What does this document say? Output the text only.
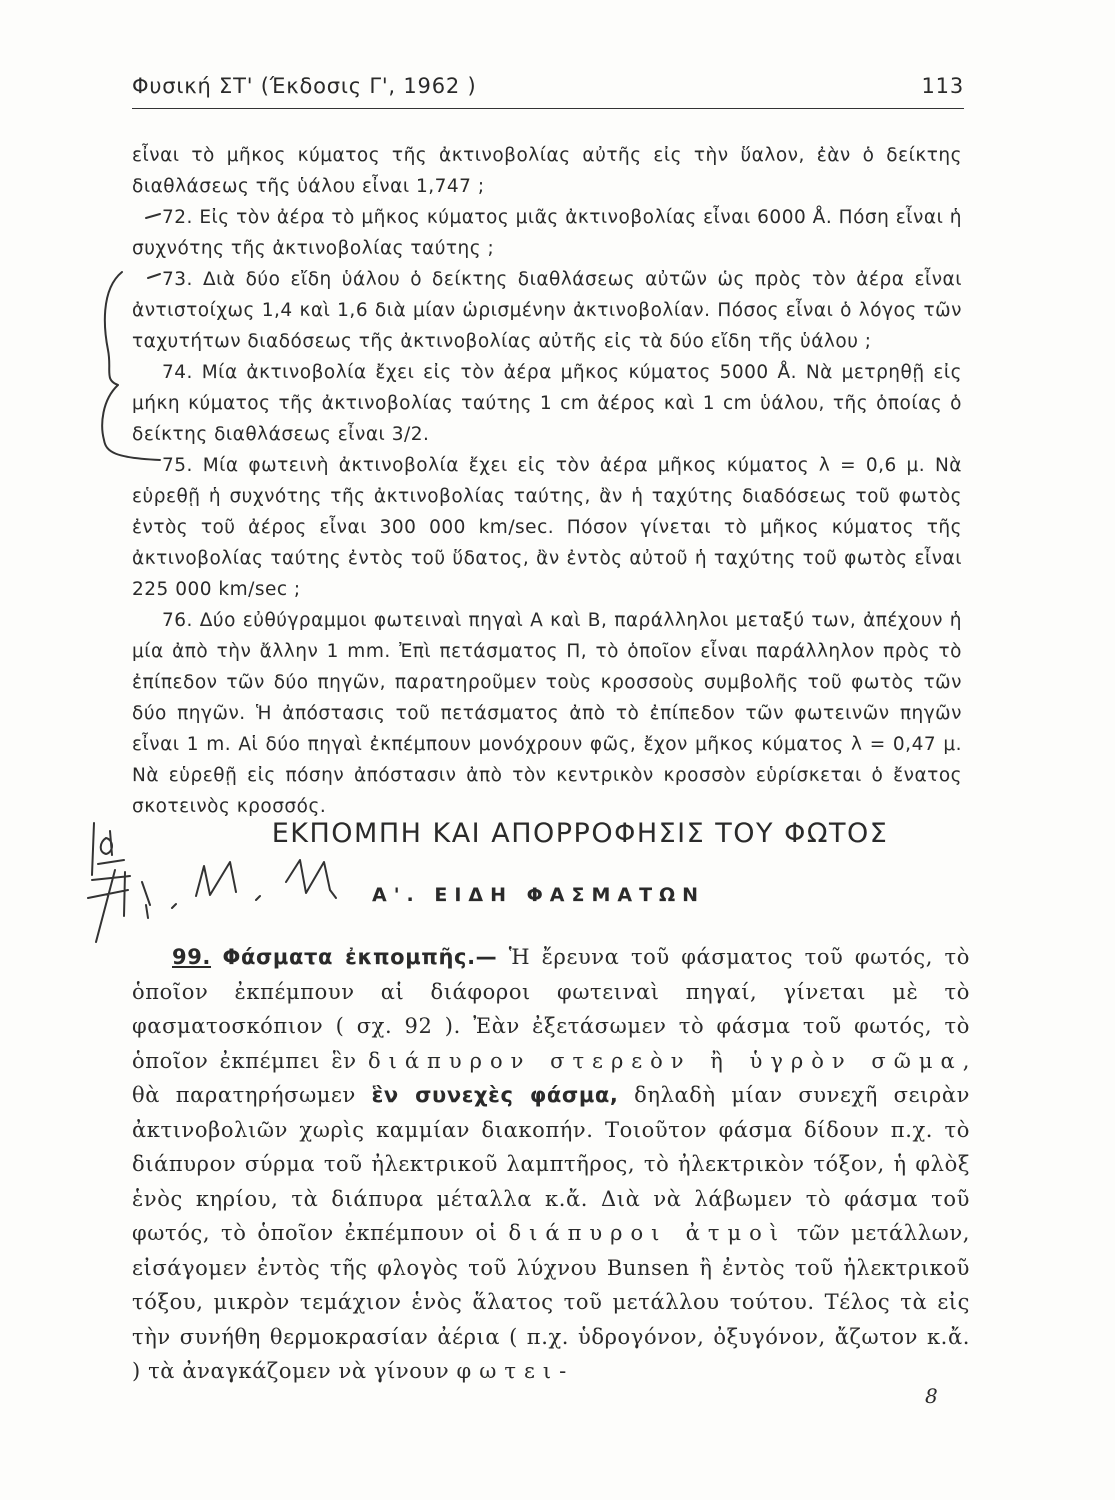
Φυσική ΣΤ' (Έκδοσις Γ', 1962 )	113

εἶναι τὸ μῆκος κύματος τῆς ἀκτινοβολίας αὐτῆς εἰς τὴν ὕαλον, ἐὰν ὁ δείκτης διαθλάσεως τῆς ὑάλου εἶναι 1,747 ;

72. Εἰς τὸν ἀέρα τὸ μῆκος κύματος μιᾶς ἀκτινοβολίας εἶναι 6000 Å. Πόση εἶναι ἡ συχνότης τῆς ἀκτινοβολίας ταύτης ;

73. Διὰ δύο εἴδη ὑάλου ὁ δείκτης διαθλάσεως αὐτῶν ὡς πρὸς τὸν ἀέρα εἶναι ἀντιστοίχως 1,4 καὶ 1,6 διὰ μίαν ὡρισμένην ἀκτινοβολίαν. Πόσος εἶναι ὁ λόγος τῶν ταχυτήτων διαδόσεως τῆς ἀκτινοβολίας αὐτῆς εἰς τὰ δύο εἴδη τῆς ὑάλου ;

74. Μία ἀκτινοβολία ἔχει εἰς τὸν ἀέρα μῆκος κύματος 5000 Å. Νὰ μετρηθῇ εἰς μήκη κύματος τῆς ἀκτινοβολίας ταύτης 1 cm ἀέρος καὶ 1 cm ὑάλου, τῆς ὁποίας ὁ δείκτης διαθλάσεως εἶναι 3/2.

75. Μία φωτεινὴ ἀκτινοβολία ἔχει εἰς τὸν ἀέρα μῆκος κύματος λ = 0,6 μ. Νὰ εὑρεθῇ ἡ συχνότης τῆς ἀκτινοβολίας ταύτης, ἂν ἡ ταχύτης διαδόσεως τοῦ φωτὸς ἐντὸς τοῦ ἀέρος εἶναι 300 000 km/sec. Πόσον γίνεται τὸ μῆκος κύματος τῆς ἀκτινοβολίας ταύτης ἐντὸς τοῦ ὕδατος, ἂν ἐντὸς αὐτοῦ ἡ ταχύτης τοῦ φωτὸς εἶναι 225 000 km/sec ;

76. Δύο εὐθύγραμμοι φωτειναὶ πηγαὶ Α καὶ Β, παράλληλοι μεταξύ των, ἀπέχουν ἡ μία ἀπὸ τὴν ἄλλην 1 mm. Ἐπὶ πετάσματος Π, τὸ ὁποῖον εἶναι παράλληλον πρὸς τὸ ἐπίπεδον τῶν δύο πηγῶν, παρατηροῦμεν τοὺς κροσσοὺς συμβολῆς τοῦ φωτὸς τῶν δύο πηγῶν. Ἡ ἀπόστασις τοῦ πετάσματος ἀπὸ τὸ ἐπίπεδον τῶν φωτεινῶν πηγῶν εἶναι 1 m. Αἱ δύο πηγαὶ ἐκπέμπουν μονόχρουν φῶς, ἔχον μῆκος κύματος λ = 0,47 μ. Νὰ εὑρεθῇ εἰς πόσην ἀπόστασιν ἀπὸ τὸν κεντρικὸν κροσσὸν εὑρίσκεται ὁ ἔνατος σκοτεινὸς κροσσός.

ΕΚΠΟΜΠΗ ΚΑΙ ΑΠΟΡΡΟΦΗΣΙΣ ΤΟΥ ΦΩΤΟΣ
Α'. ΕΙΔΗ ΦΑΣΜΑΤΩΝ
99. Φάσματα ἐκπομπῆς.— Ἡ ἔρευνα τοῦ φάσματος τοῦ φωτός, τὸ ὁποῖον ἐκπέμπουν αἱ διάφοροι φωτειναὶ πηγαί, γίνεται μὲ τὸ φασματοσκόπιον ( σχ. 92 ). Ἐὰν ἐξετάσωμεν τὸ φάσμα τοῦ φωτός, τὸ ὁποῖον ἐκπέμπει ἓν διάπυρον στερεὸν ἢ ὑγρὸν σῶμα, θὰ παρατηρήσωμεν ἓν συνεχὲς φάσμα, δηλαδὴ μίαν συνεχῆ σειρὰν ἀκτινοβολιῶν χωρὶς καμμίαν διακοπήν. Τοιοῦτον φάσμα δίδουν π.χ. τὸ διάπυρον σύρμα τοῦ ἠλεκτρικοῦ λαμπτῆρος, τὸ ἠλεκτρικὸν τόξον, ἡ φλὸξ ἑνὸς κηρίου, τὰ διάπυρα μέταλλα κ.ἄ. Διὰ νὰ λάβωμεν τὸ φάσμα τοῦ φωτός, τὸ ὁποῖον ἐκπέμπουν οἱ διάπυροι ἀτμοὶ τῶν μετάλλων, εἰσάγομεν ἐντὸς τῆς φλογὸς τοῦ λύχνου Bunsen ἢ ἐντὸς τοῦ ἠλεκτρικοῦ τόξου, μικρὸν τεμάχιον ἑνὸς ἅλατος τοῦ μετάλλου τούτου. Τέλος τὰ εἰς τὴν συνήθη θερμοκρασίαν ἀέρια ( π.χ. ὑδρογόνον, ὀξυγόνον, ἄζωτον κ.ἄ. ) τὰ ἀναγκάζομεν νὰ γίνουν φωτει-
8
